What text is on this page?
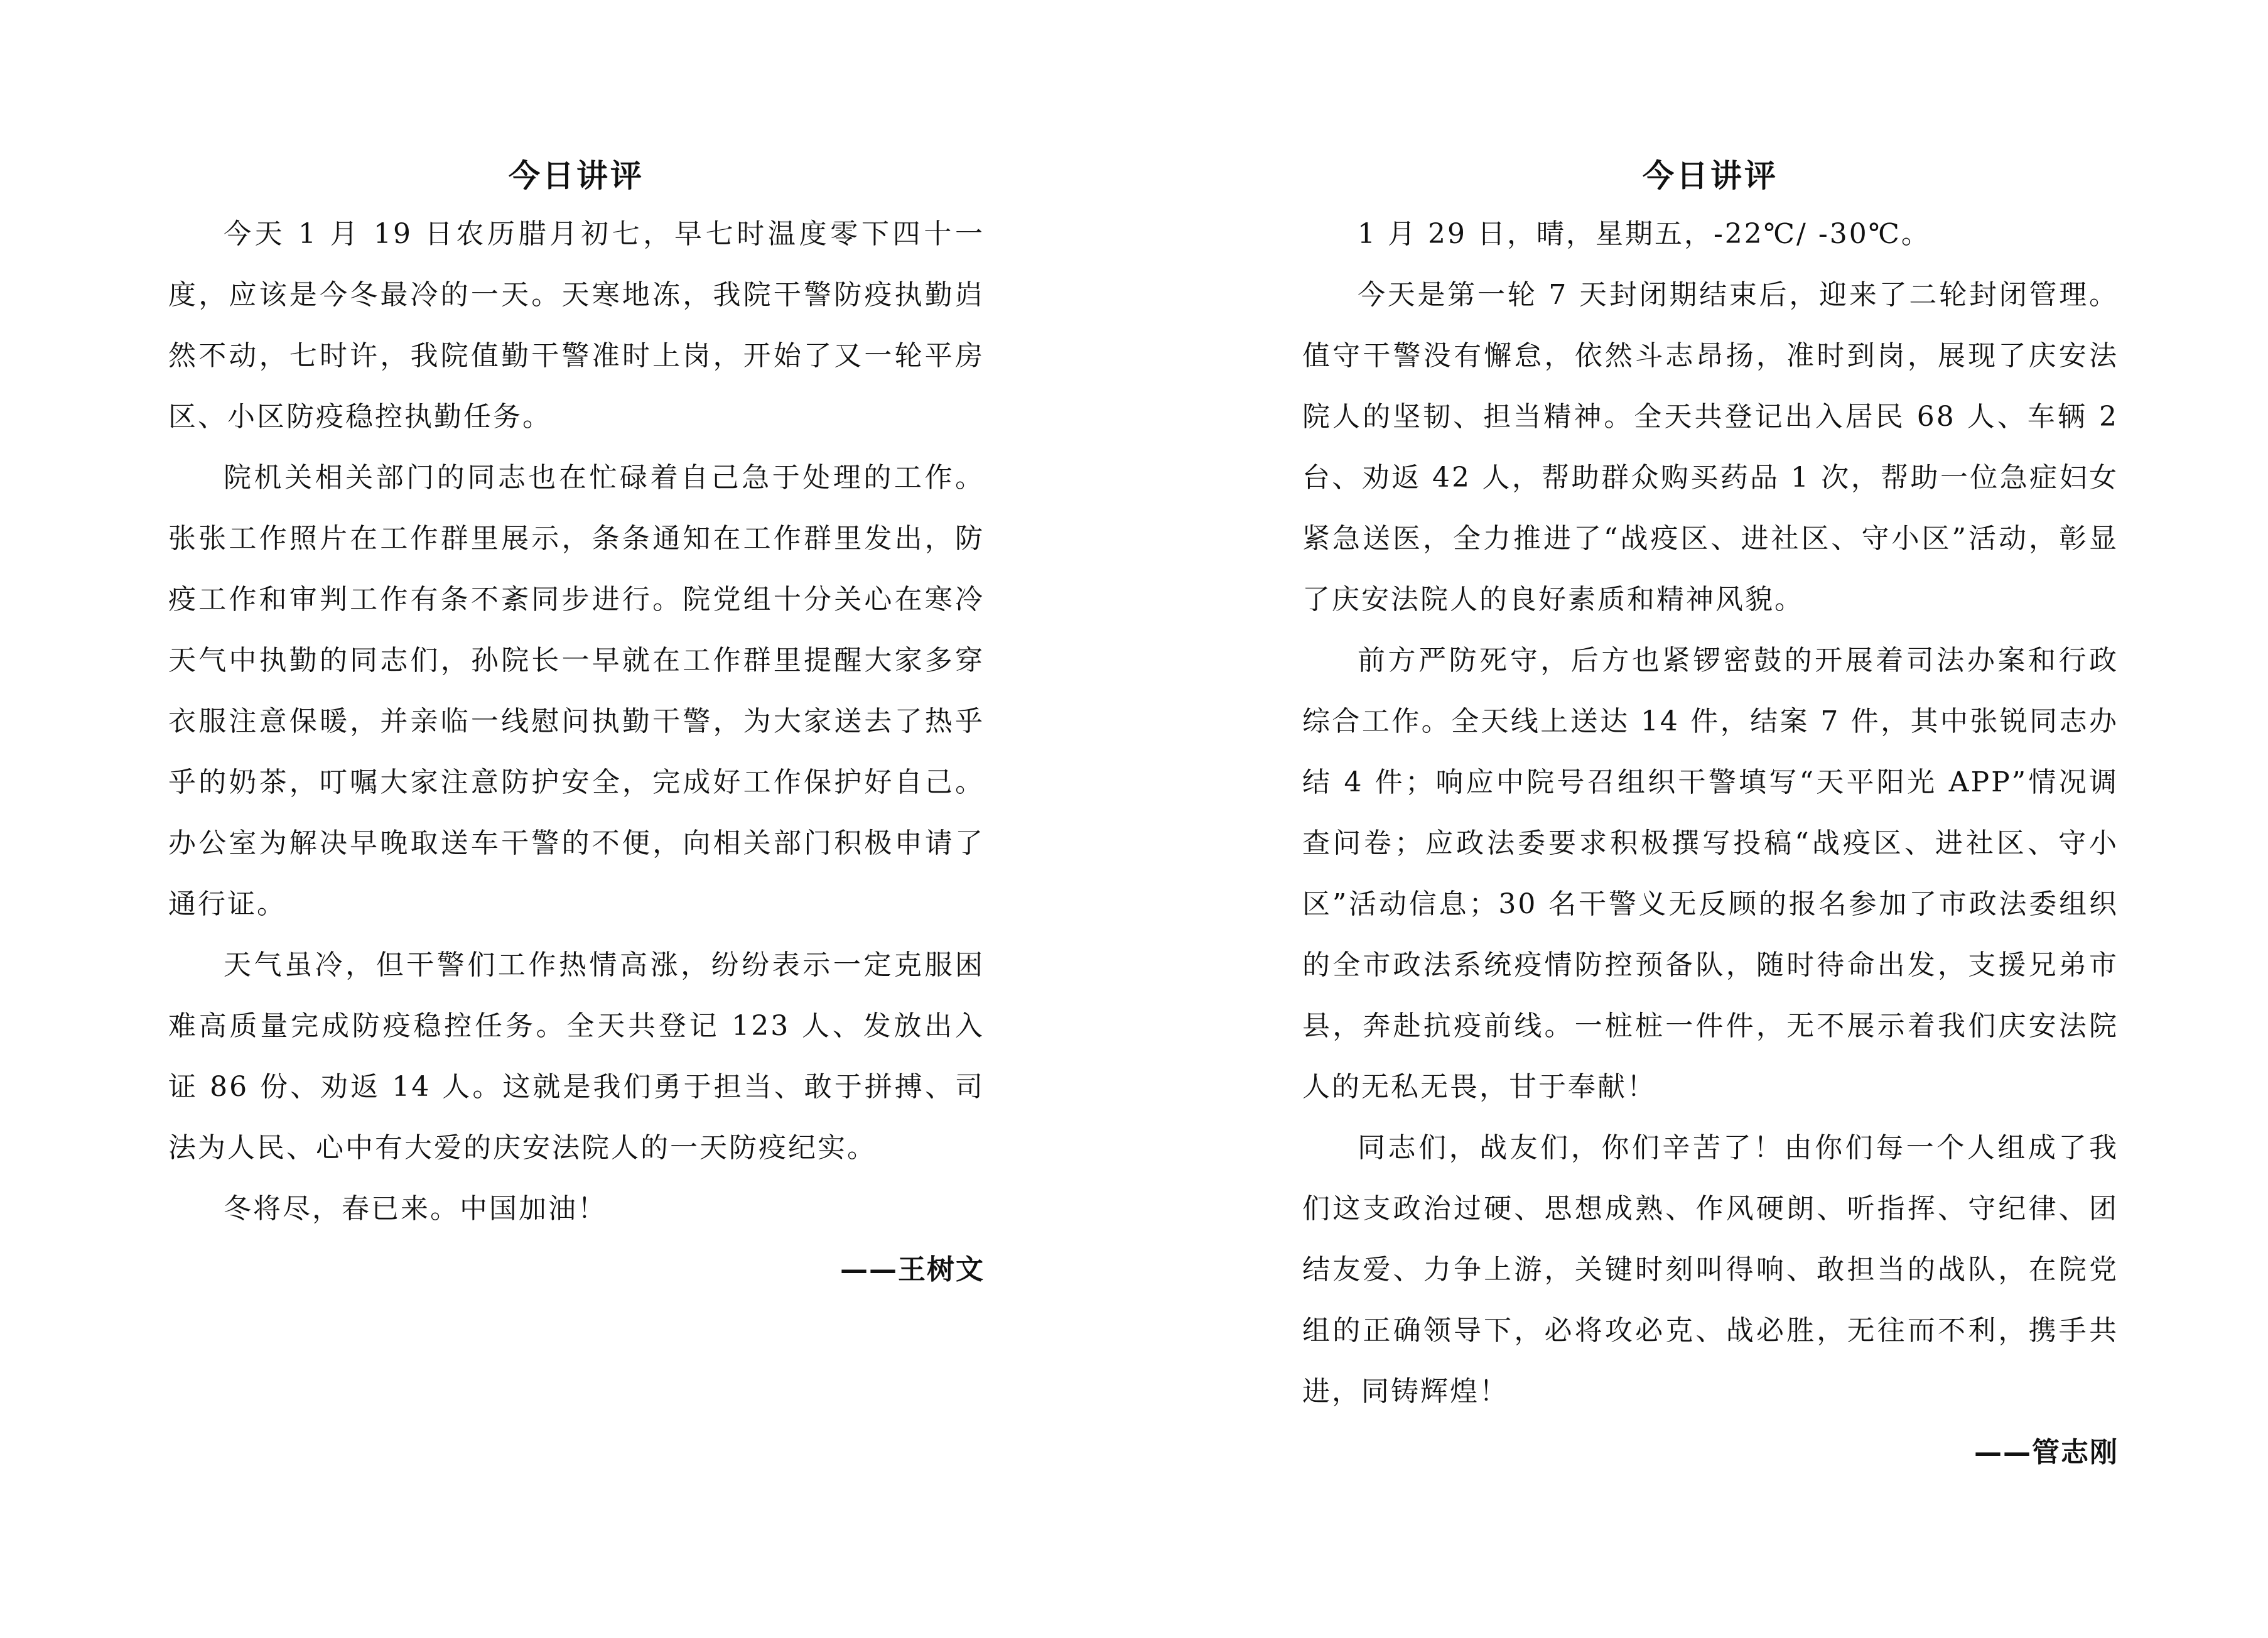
今日讲评

今天 1 月 19 日农历腊月初七，早七时温度零下四十一度，应该是今冬最冷的一天。天寒地冻，我院干警防疫执勤岿然不动，七时许，我院值勤干警准时上岗，开始了又一轮平房区、小区防疫稳控执勤任务。

院机关相关部门的同志也在忙碌着自己急于处理的工作。张张工作照片在工作群里展示，条条通知在工作群里发出，防疫工作和审判工作有条不紊同步进行。院党组十分关心在寒冷天气中执勤的同志们，孙院长一早就在工作群里提醒大家多穿衣服注意保暖，并亲临一线慰问执勤干警，为大家送去了热乎乎的奶茶，叮嘱大家注意防护安全，完成好工作保护好自己。办公室为解决早晚取送车干警的不便，向相关部门积极申请了通行证。

天气虽冷，但干警们工作热情高涨，纷纷表示一定克服困难高质量完成防疫稳控任务。全天共登记 123 人、发放出入证 86 份、劝返 14 人。这就是我们勇于担当、敢于拼搏、司法为人民、心中有大爱的庆安法院人的一天防疫纪实。

冬将尽，春已来。中国加油！

——王树文

今日讲评

1 月 29 日，晴，星期五，-22℃/ -30℃。

今天是第一轮 7 天封闭期结束后，迎来了二轮封闭管理。值守干警没有懈怠，依然斗志昂扬，准时到岗，展现了庆安法院人的坚韧、担当精神。全天共登记出入居民 68 人、车辆 2 台、劝返 42 人，帮助群众购买药品 1 次，帮助一位急症妇女紧急送医，全力推进了“战疫区、进社区、守小区”活动，彰显了庆安法院人的良好素质和精神风貌。

前方严防死守，后方也紧锣密鼓的开展着司法办案和行政综合工作。全天线上送达 14 件，结案 7 件，其中张锐同志办结 4 件；响应中院号召组织干警填写“天平阳光 APP”情况调查问卷；应政法委要求积极撰写投稿“战疫区、进社区、守小区”活动信息；30 名干警义无反顾的报名参加了市政法委组织的全市政法系统疫情防控预备队，随时待命出发，支援兄弟市县，奔赴抗疫前线。一桩桩一件件，无不展示着我们庆安法院人的无私无畏，甘于奉献！

同志们，战友们，你们辛苦了！由你们每一个人组成了我们这支政治过硬、思想成熟、作风硬朗、听指挥、守纪律、团结友爱、力争上游，关键时刻叫得响、敢担当的战队，在院党组的正确领导下，必将攻必克、战必胜，无往而不利，携手共进，同铸辉煌！

——管志刚
